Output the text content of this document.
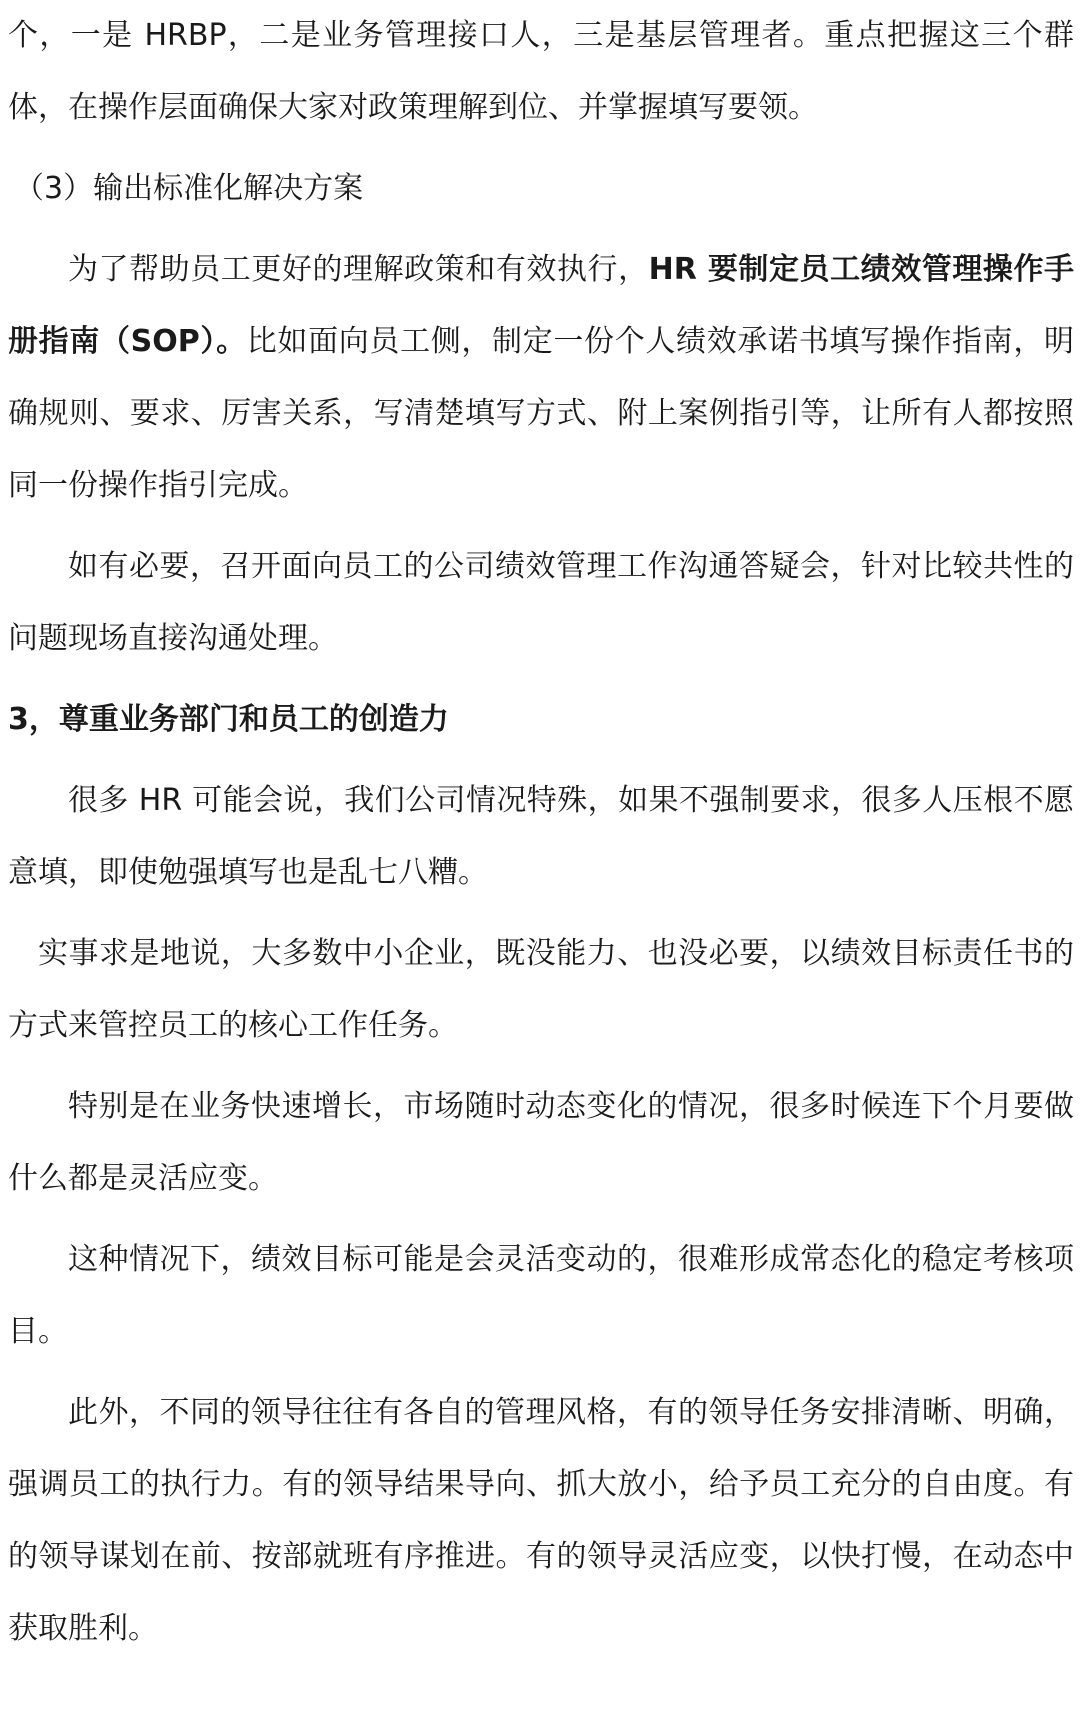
个，一是 HRBP，二是业务管理接口人，三是基层管理者。重点把握这三个群体，在操作层面确保大家对政策理解到位、并掌握填写要领。

（3）输出标准化解决方案

为了帮助员工更好的理解政策和有效执行，HR 要制定员工绩效管理操作手册指南（SOP）。比如面向员工侧，制定一份个人绩效承诺书填写操作指南，明确规则、要求、厉害关系，写清楚填写方式、附上案例指引等，让所有人都按照同一份操作指引完成。

如有必要，召开面向员工的公司绩效管理工作沟通答疑会，针对比较共性的问题现场直接沟通处理。

3，尊重业务部门和员工的创造力

很多 HR 可能会说，我们公司情况特殊，如果不强制要求，很多人压根不愿意填，即使勉强填写也是乱七八糟。

实事求是地说，大多数中小企业，既没能力、也没必要，以绩效目标责任书的方式来管控员工的核心工作任务。

特别是在业务快速增长，市场随时动态变化的情况，很多时候连下个月要做什么都是灵活应变。

这种情况下，绩效目标可能是会灵活变动的，很难形成常态化的稳定考核项目。

此外，不同的领导往往有各自的管理风格，有的领导任务安排清晰、明确，强调员工的执行力。有的领导结果导向、抓大放小，给予员工充分的自由度。有的领导谋划在前、按部就班有序推进。有的领导灵活应变，以快打慢，在动态中获取胜利。
